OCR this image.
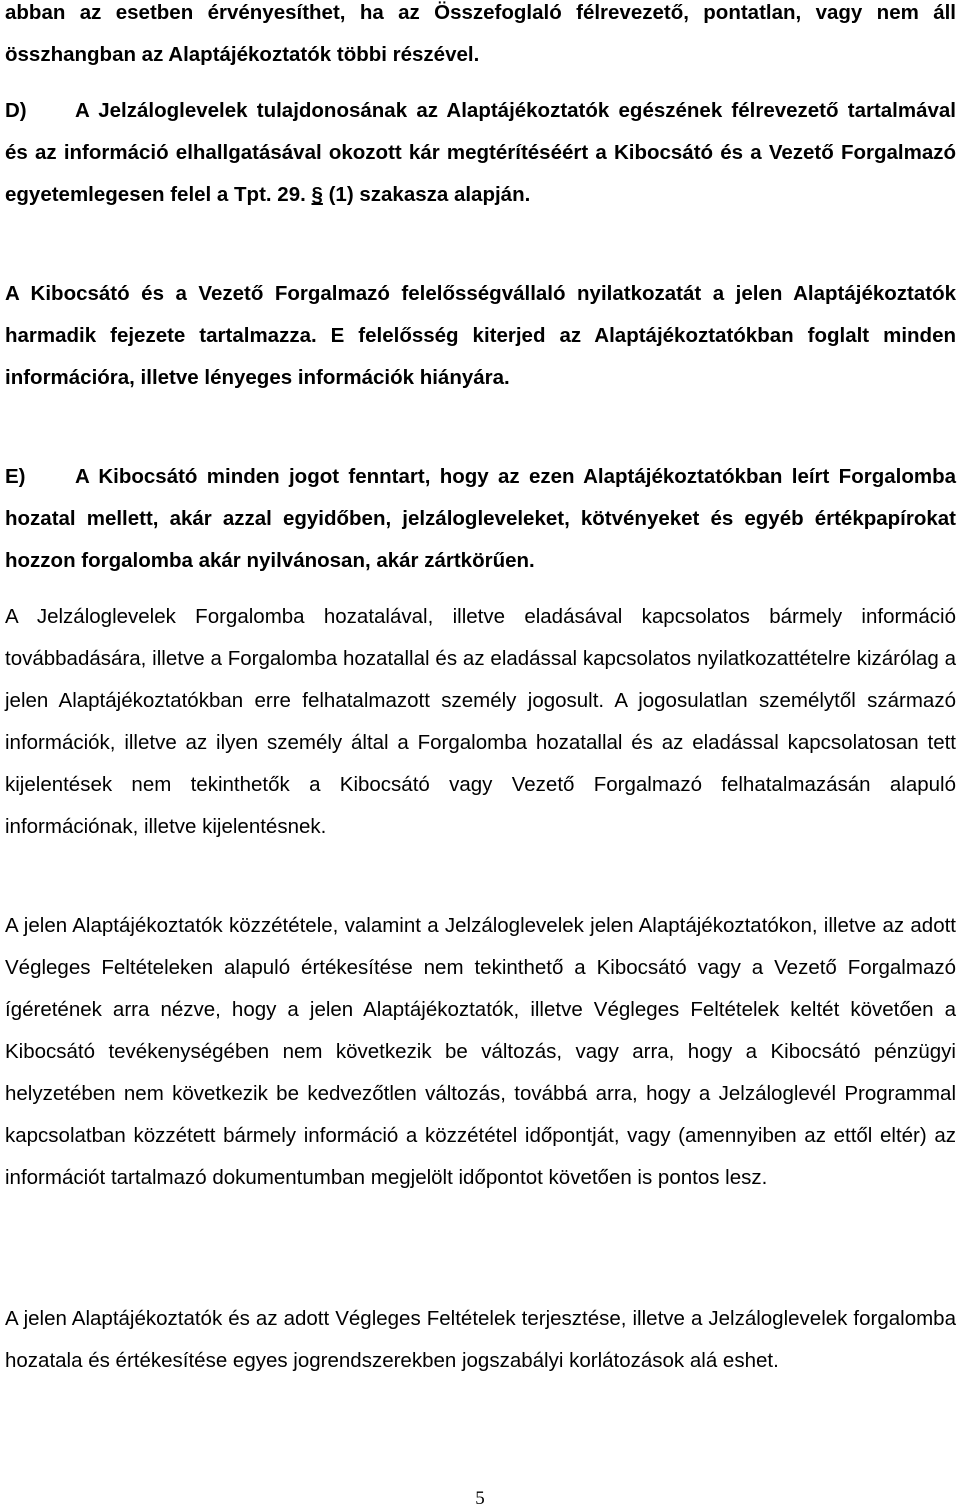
abban az esetben érvényesíthet, ha az Összefoglaló félrevezető, pontatlan, vagy nem áll összhangban az Alaptájékoztatók többi részével.

D) A Jelzáloglevelek tulajdonosának az Alaptájékoztatók egészének félrevezető tartalmával és az információ elhallgatásával okozott kár megtérítéséért a Kibocsátó és a Vezető Forgalmazó egyetemlegesen felel a Tpt. 29. § (1) szakasza alapján.

A Kibocsátó és a Vezető Forgalmazó felelősségvállaló nyilatkozatát a jelen Alaptájékoztatók harmadik fejezete tartalmazza. E felelősség kiterjed az Alaptájékoztatókban foglalt minden információra, illetve lényeges információk hiányára.

E) A Kibocsátó minden jogot fenntart, hogy az ezen Alaptájékoztatókban leírt Forgalomba hozatal mellett, akár azzal egyidőben, jelzálogleveleket, kötvényeket és egyéb értékpapírokat hozzon forgalomba akár nyilvánosan, akár zártkörűen.

A Jelzáloglevelek Forgalomba hozatalával, illetve eladásával kapcsolatos bármely információ továbbadására, illetve a Forgalomba hozatallal és az eladással kapcsolatos nyilatkozattételre kizárólag a jelen Alaptájékoztatókban erre felhatalmazott személy jogosult. A jogosulatlan személytől származó információk, illetve az ilyen személy által a Forgalomba hozatallal és az eladással kapcsolatosan tett kijelentések nem tekinthetők a Kibocsátó vagy Vezető Forgalmazó felhatalmazásán alapuló információnak, illetve kijelentésnek.

A jelen Alaptájékoztatók közzététele, valamint a Jelzáloglevelek jelen Alaptájékoztatókon, illetve az adott Végleges Feltételeken alapuló értékesítése nem tekinthető a Kibocsátó vagy a Vezető Forgalmazó ígéretének arra nézve, hogy a jelen Alaptájékoztatók, illetve Végleges Feltételek keltét követően a Kibocsátó tevékenységében nem következik be változás, vagy arra, hogy a Kibocsátó pénzügyi helyzetében nem következik be kedvezőtlen változás, továbbá arra, hogy a Jelzáloglevél Programmal kapcsolatban közzétett bármely információ a közzététel időpontját, vagy (amennyiben az ettől eltér) az információt tartalmazó dokumentumban megjelölt időpontot követően is pontos lesz.

A jelen Alaptájékoztatók és az adott Végleges Feltételek terjesztése, illetve a Jelzáloglevelek forgalomba hozatala és értékesítése egyes jogrendszerekben jogszabályi korlátozások alá eshet.

5
